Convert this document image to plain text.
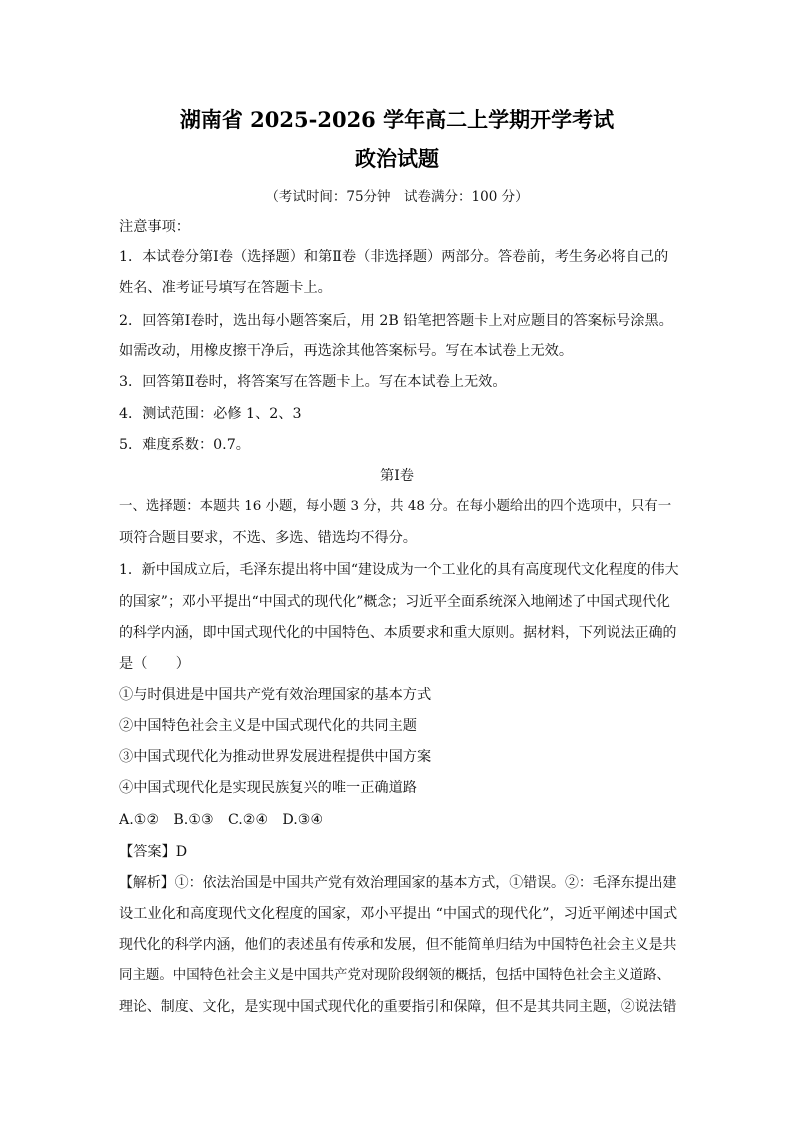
湖南省 2025-2026 学年高二上学期开学考试
政治试题
（考试时间：75分钟　试卷满分：100 分）
注意事项：
1．本试卷分第Ⅰ卷（选择题）和第Ⅱ卷（非选择题）两部分。答卷前，考生务必将自己的
姓名、准考证号填写在答题卡上。
2．回答第Ⅰ卷时，选出每小题答案后，用 2B 铅笔把答题卡上对应题目的答案标号涂黑。
如需改动，用橡皮擦干净后，再选涂其他答案标号。写在本试卷上无效。
3．回答第Ⅱ卷时，将答案写在答题卡上。写在本试卷上无效。
4．测试范围：必修 1、2、3
5．难度系数：0.7。
第Ⅰ卷
一、选择题：本题共 16 小题，每小题 3 分，共 48 分。在每小题给出的四个选项中，只有一
项符合题目要求，不选、多选、错选均不得分。
1．新中国成立后，毛泽东提出将中国“建设成为一个工业化的具有高度现代文化程度的伟大
的国家”；邓小平提出“中国式的现代化”概念；习近平全面系统深入地阐述了中国式现代化
的科学内涵，即中国式现代化的中国特色、本质要求和重大原则。据材料，下列说法正确的
是（　　）
①与时俱进是中国共产党有效治理国家的基本方式
②中国特色社会主义是中国式现代化的共同主题
③中国式现代化为推动世界发展进程提供中国方案
④中国式现代化是实现民族复兴的唯一正确道路
A.①②　B.①③　C.②④　D.③④
【答案】D
【解析】①：依法治国是中国共产党有效治理国家的基本方式，①错误。②：毛泽东提出建
设工业化和高度现代文化程度的国家，邓小平提出 “中国式的现代化”，习近平阐述中国式
现代化的科学内涵，他们的表述虽有传承和发展，但不能简单归结为中国特色社会主义是共
同主题。中国特色社会主义是中国共产党对现阶段纲领的概括，包括中国特色社会主义道路、
理论、制度、文化，是实现中国式现代化的重要指引和保障，但不是其共同主题，②说法错
